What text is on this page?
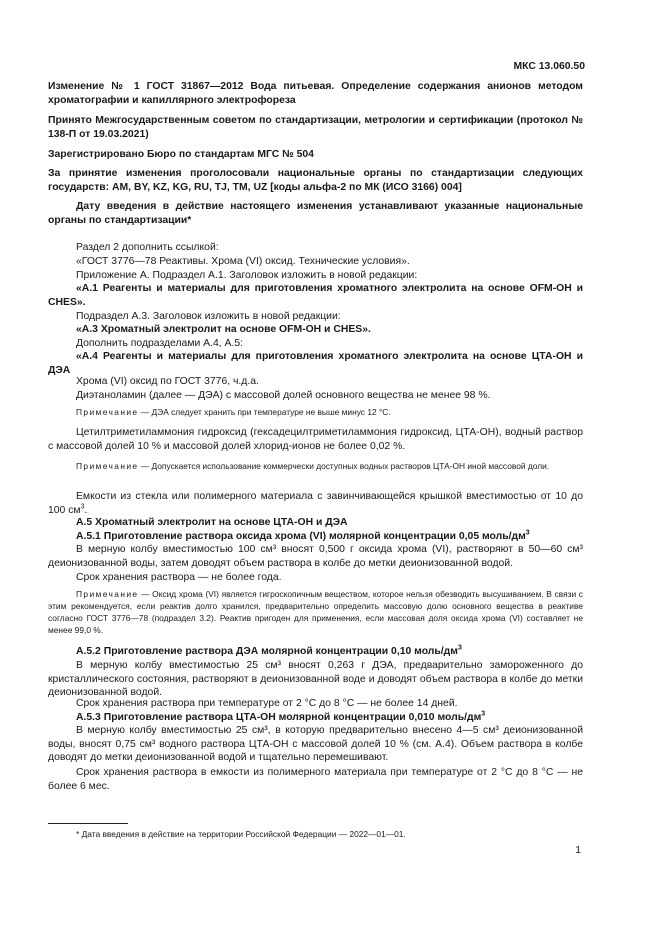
МКС 13.060.50
Изменение № 1 ГОСТ 31867—2012 Вода питьевая. Определение содержания анионов методом хроматографии и капиллярного электрофореза
Принято Межгосударственным советом по стандартизации, метрологии и сертификации (протокол № 138-П от 19.03.2021)
Зарегистрировано Бюро по стандартам МГС № 504
За принятие изменения проголосовали национальные органы по стандартизации следующих государств: AM, BY, KZ, KG, RU, TJ, TM, UZ [коды альфа-2 по МК (ИСО 3166) 004]
Дату введения в действие настоящего изменения устанавливают указанные национальные органы по стандартизации*
Раздел 2 дополнить ссылкой:
«ГОСТ 3776—78 Реактивы. Хрома (VI) оксид. Технические условия».
Приложение А. Подраздел А.1. Заголовок изложить в новой редакции:
«А.1 Реагенты и материалы для приготовления хроматного электролита на основе OFM-OH и CHES».
Подраздел А.3. Заголовок изложить в новой редакции:
«А.3 Хроматный электролит на основе OFM-OH и CHES».
Дополнить подразделами А.4, А.5:
«А.4 Реагенты и материалы для приготовления хроматного электролита на основе ЦТА-ОН и ДЭА
Хрома (VI) оксид по ГОСТ 3776, ч.д.а.
Диэтаноламин (далее — ДЭА) с массовой долей основного вещества не менее 98 %.
Примечание — ДЭА следует хранить при температуре не выше минус 12 °С.
Цетилтриметиламмония гидроксид (гексадецилтриметиламмония гидроксид, ЦТА-ОН), водный раствор с массовой долей 10 % и массовой долей хлорид-ионов не более 0,02 %.
Примечание — Допускается использование коммерчески доступных водных растворов ЦТА-ОН иной массовой доли.
Емкости из стекла или полимерного материала с завинчивающейся крышкой вместимостью от 10 до 100 $см^3$.
А.5 Хроматный электролит на основе ЦТА-ОН и ДЭА
А.5.1 Приготовление раствора оксида хрома (VI) молярной концентрации 0,05 моль/$дм^3$
В мерную колбу вместимостью 100 см³ вносят 0,500 г оксида хрома (VI), растворяют в 50—60 см³ деионизованной воды, затем доводят объем раствора в колбе до метки деионизованной водой.
Срок хранения раствора — не более года.
Примечание — Оксид хрома (VI) является гигроскопичным веществом, которое нельзя обезводить высушиванием. В связи с этим рекомендуется, если реактив долго хранился, предварительно определить массовую долю основного вещества в реактиве согласно ГОСТ 3776—78 (подраздел 3.2). Реактив пригоден для применения, если массовая доля оксида хрома (VI) составляет не менее 99,0 %.
А.5.2 Приготовление раствора ДЭА молярной концентрации 0,10 моль/$дм^3$
В мерную колбу вместимостью 25 см³ вносят 0,263 г ДЭА, предварительно замороженного до кристаллического состояния, растворяют в деионизованной воде и доводят объем раствора в колбе до метки деионизованной водой.
Срок хранения раствора при температуре от 2 °С до 8 °С — не более 14 дней.
А.5.3 Приготовление раствора ЦТА-ОН молярной концентрации 0,010 моль/$дм^3$
В мерную колбу вместимостью 25 см³, в которую предварительно внесено 4—5 см³ деионизованной воды, вносят 0,75 см³ водного раствора ЦТА-ОН с массовой долей 10 % (см. А.4). Объем раствора в колбе доводят до метки деионизованной водой и тщательно перемешивают.
Срок хранения раствора в емкости из полимерного материала при температуре от 2 °С до 8 °С — не более 6 мес.
* Дата введения в действие на территории Российской Федерации — 2022—01—01.
1
